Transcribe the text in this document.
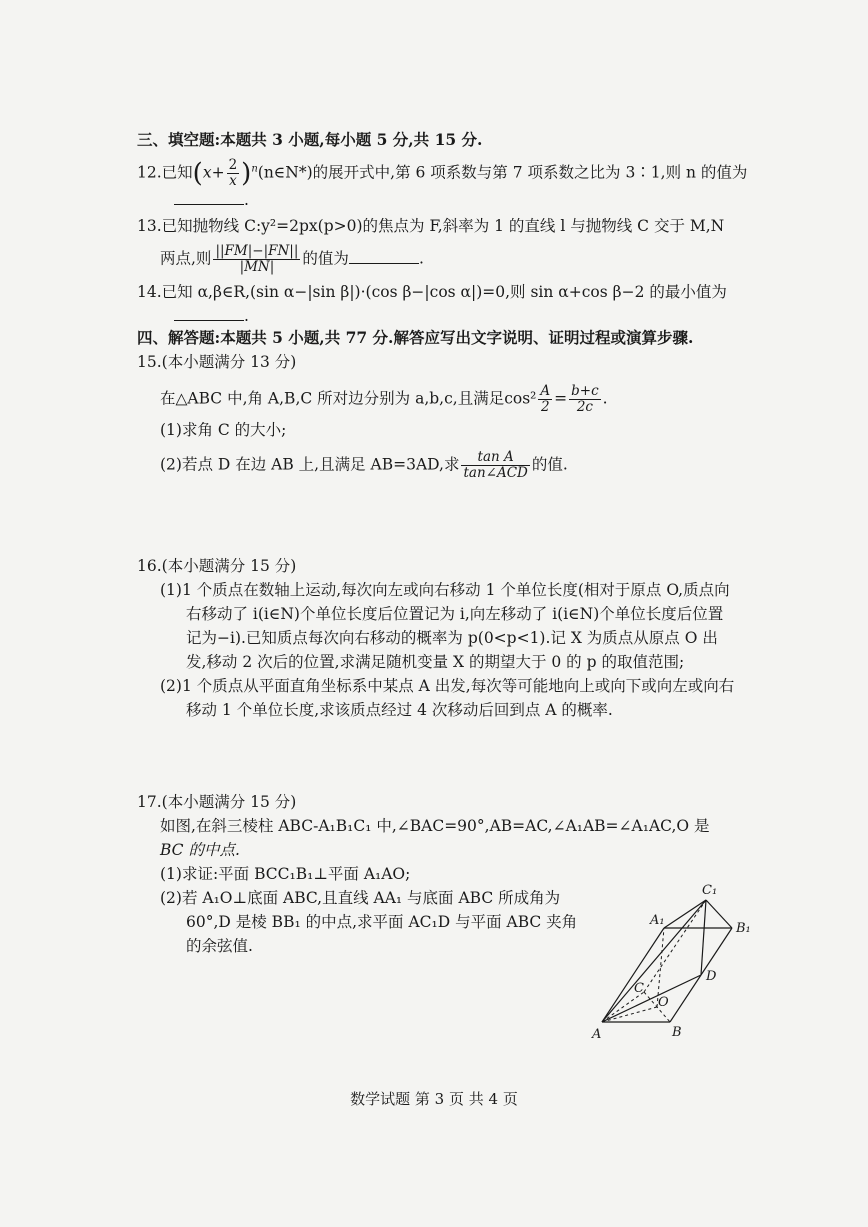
三、填空题:本题共 3 小题,每小题 5 分,共 15 分.
12.已知($x+ \frac{2}{x}$ )$^n(n\in N*)$的展开式中,第 6 项系数与第 7 项系数之比为 3∶1,则 n 的值为
.
13.已知抛物线 C:y²=2px(p>0)的焦点为 F,斜率为 1 的直线 l 与抛物线 C 交于 M,N
两点,则 $\frac{||FM|-|FN||}{|MN|}$ 的值为	.
14.已知 α,β∈R,(sin α−|sin β|)·(cos β−|cos α|)=0,则 sin α+cos β−2 的最小值为
.
四、解答题:本题共 5 小题,共 77 分.解答应写出文字说明、证明过程或演算步骤.
15.(本小题满分 13 分)
在△ABC 中,角 A,B,C 所对边分别为 a,b,c,且满足$\cos^2 \frac{A}{2} = \frac{b+c}{2c}$ .
(1)求角 C 的大小;
(2)若点 D 在边 AB 上,且满足 AB=3AD,求 $\frac{\text{tan A}}{\text{tan∠ACD}}$ 的值.
16.(本小题满分 15 分)
(1)1 个质点在数轴上运动,每次向左或向右移动 1 个单位长度(相对于原点 O,质点向
右移动了 i(i∈N)个单位长度后位置记为 i,向左移动了 i(i∈N)个单位长度后位置
记为−i).已知质点每次向右移动的概率为 p(0<p<1).记 X 为质点从原点 O 出
发,移动 2 次后的位置,求满足随机变量 X 的期望大于 0 的 p 的取值范围;
(2)1 个质点从平面直角坐标系中某点 A 出发,每次等可能地向上或向下或向左或向右
移动 1 个单位长度,求该质点经过 4 次移动后回到点 A 的概率.
17.(本小题满分 15 分)
如图,在斜三棱柱 ABC-A₁B₁C₁ 中,∠BAC=90°,AB=AC,∠A₁AB=∠A₁AC,O 是
BC 的中点.
(1)求证:平面 BCC₁B₁⊥平面 A₁AO;
(2)若 A₁O⊥底面 ABC,且直线 AA₁ 与底面 ABC 所成角为
60°,D 是棱 BB₁ 的中点,求平面 AC₁D 与平面 ABC 夹角
的余弦值.
A	B
C
O
D
A₁
B₁
C₁
数学试题 第 3 页 共 4 页
